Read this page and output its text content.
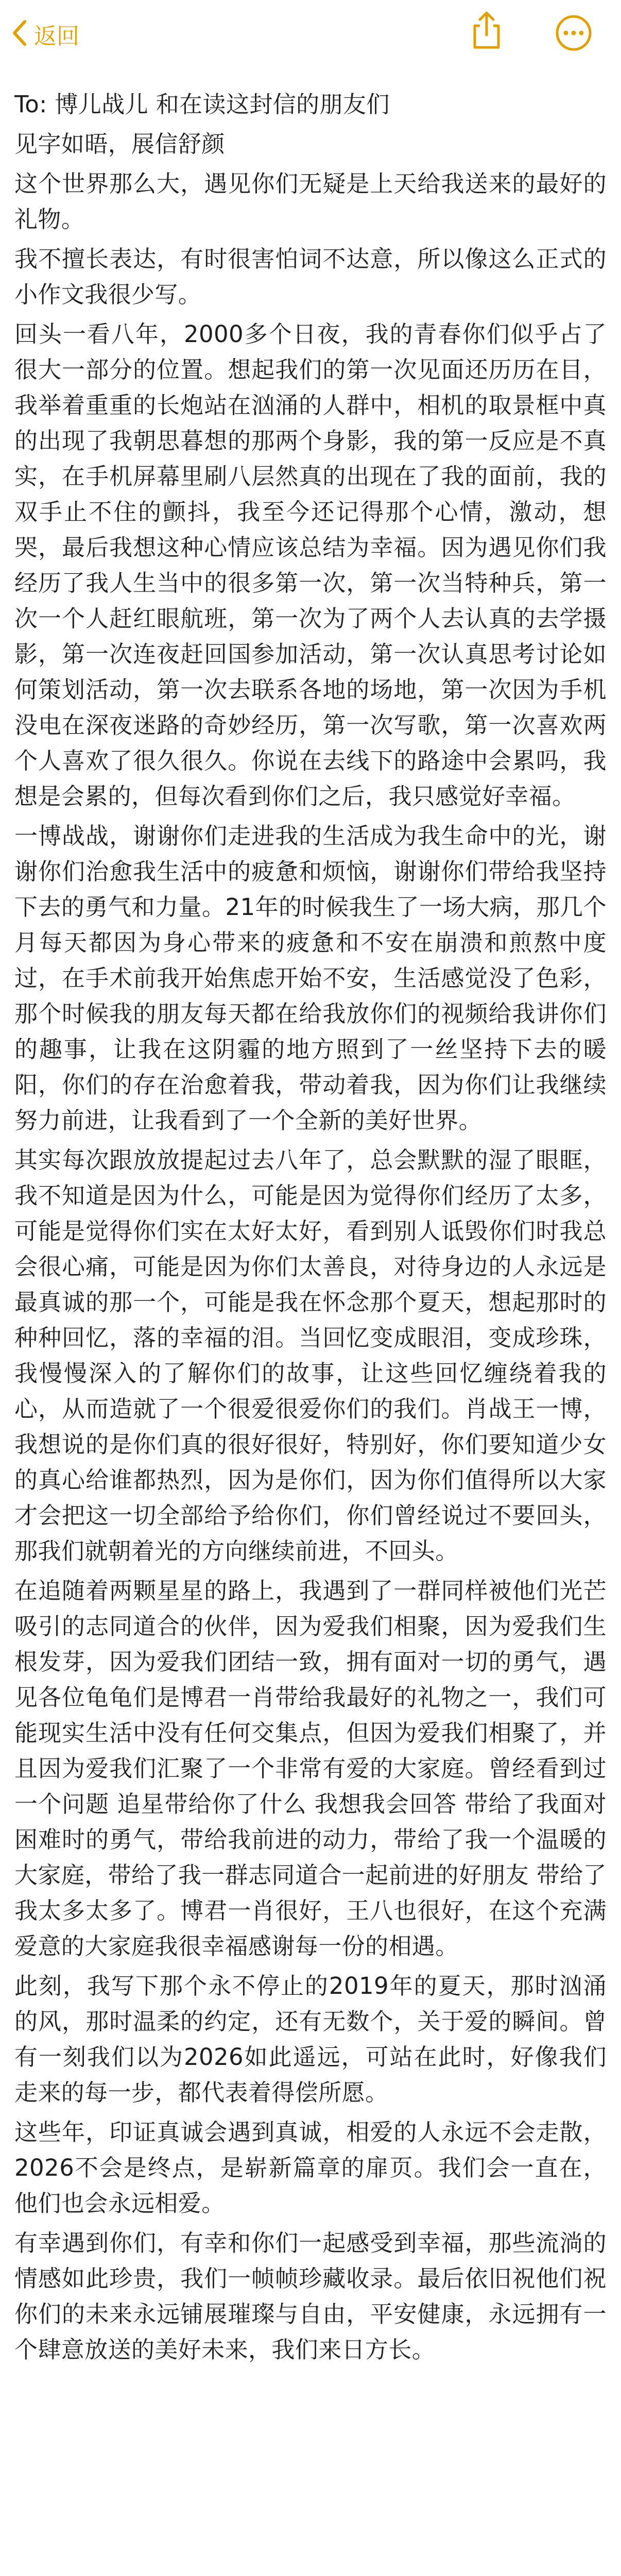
返回

To: 博儿战儿 和在读这封信的朋友们

见字如晤，展信舒颜

这个世界那么大，遇见你们无疑是上天给我送来的最好的礼物。

我不擅长表达，有时很害怕词不达意，所以像这么正式的小作文我很少写。

回头一看八年，2000多个日夜，我的青春你们似乎占了很大一部分的位置。想起我们的第一次见面还历历在目，我举着重重的长炮站在汹涌的人群中，相机的取景框中真的出现了我朝思暮想的那两个身影，我的第一反应是不真实，在手机屏幕里刷八层然真的出现在了我的面前，我的双手止不住的颤抖，我至今还记得那个心情，激动，想哭，最后我想这种心情应该总结为幸福。因为遇见你们我经历了我人生当中的很多第一次，第一次当特种兵，第一次一个人赶红眼航班，第一次为了两个人去认真的去学摄影，第一次连夜赶回国参加活动，第一次认真思考讨论如何策划活动，第一次去联系各地的场地，第一次因为手机没电在深夜迷路的奇妙经历，第一次写歌，第一次喜欢两个人喜欢了很久很久。你说在去线下的路途中会累吗，我想是会累的，但每次看到你们之后，我只感觉好幸福。

一博战战，谢谢你们走进我的生活成为我生命中的光，谢谢你们治愈我生活中的疲惫和烦恼，谢谢你们带给我坚持下去的勇气和力量。21年的时候我生了一场大病，那几个月每天都因为身心带来的疲惫和不安在崩溃和煎熬中度过，在手术前我开始焦虑开始不安，生活感觉没了色彩，那个时候我的朋友每天都在给我放你们的视频给我讲你们的趣事，让我在这阴霾的地方照到了一丝坚持下去的暖阳，你们的存在治愈着我，带动着我，因为你们让我继续努力前进，让我看到了一个全新的美好世界。

其实每次跟放放提起过去八年了，总会默默的湿了眼眶，我不知道是因为什么，可能是因为觉得你们经历了太多，可能是觉得你们实在太好太好，看到别人诋毁你们时我总会很心痛，可能是因为你们太善良，对待身边的人永远是最真诚的那一个，可能是我在怀念那个夏天，想起那时的种种回忆，落的幸福的泪。当回忆变成眼泪，变成珍珠，我慢慢深入的了解你们的故事，让这些回忆缠绕着我的心，从而造就了一个很爱很爱你们的我们。肖战王一博，我想说的是你们真的很好很好，特别好，你们要知道少女的真心给谁都热烈，因为是你们，因为你们值得所以大家才会把这一切全部给予给你们，你们曾经说过不要回头，那我们就朝着光的方向继续前进，不回头。

在追随着两颗星星的路上，我遇到了一群同样被他们光芒吸引的志同道合的伙伴，因为爱我们相聚，因为爱我们生根发芽，因为爱我们团结一致，拥有面对一切的勇气，遇见各位龟龟们是博君一肖带给我最好的礼物之一，我们可能现实生活中没有任何交集点，但因为爱我们相聚了，并且因为爱我们汇聚了一个非常有爱的大家庭。曾经看到过一个问题 追星带给你了什么 我想我会回答 带给了我面对困难时的勇气，带给我前进的动力，带给了我一个温暖的大家庭，带给了我一群志同道合一起前进的好朋友 带给了我太多太多了。博君一肖很好，王八也很好，在这个充满爱意的大家庭我很幸福感谢每一份的相遇。

此刻，我写下那个永不停止的2019年的夏天，那时汹涌的风，那时温柔的约定，还有无数个，关于爱的瞬间。曾有一刻我们以为2026如此遥远，可站在此时，好像我们走来的每一步，都代表着得偿所愿。

这些年，印证真诚会遇到真诚，相爱的人永远不会走散，2026不会是终点，是崭新篇章的扉页。我们会一直在，他们也会永远相爱。

有幸遇到你们，有幸和你们一起感受到幸福，那些流淌的情感如此珍贵，我们一帧帧珍藏收录。最后依旧祝他们祝你们的未来永远铺展璀璨与自由，平安健康，永远拥有一个肆意放送的美好未来，我们来日方长。
